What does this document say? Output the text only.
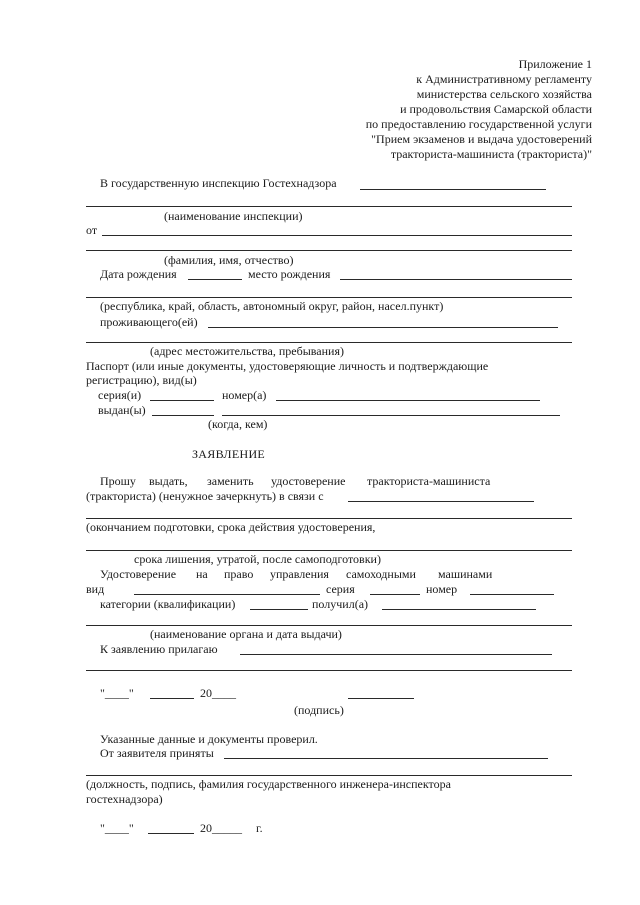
Приложение 1
к Административному регламенту
министерства сельского хозяйства
и продовольствия Самарской области
по предоставлению государственной услуги
"Прием экзаменов и выдача удостоверений
тракториста-машиниста (тракториста)"
В государственную инспекцию Гостехнадзора
(наименование инспекции)
от
(фамилия, имя, отчество)
Дата рождения	место рождения
(республика, край, область, автономный округ, район, насел.пункт)
проживающего(ей)
(адрес местожительства, пребывания)
Паспорт (или иные документы, удостоверяющие личность и подтверждающие
регистрацию), вид(ы)
серия(и)	номер(а)
выдан(ы)
(когда, кем)
ЗАЯВЛЕНИЕ
Прошу выдать, заменить удостоверение тракториста-машиниста
(тракториста) (ненужное зачеркнуть) в связи с
(окончанием подготовки, срока действия удостоверения,
срока лишения, утратой, после самоподготовки)
Удостоверение на право управления самоходными машинами
вид	серия	номер
категории (квалификации)	получил(а)
(наименование органа и дата выдачи)
К заявлению прилагаю
"____"	20____
(подпись)
Указанные данные и документы проверил.
От заявителя приняты
(должность, подпись, фамилия государственного инженера-инспектора
гостехнадзора)
"____"	20_____ г.
